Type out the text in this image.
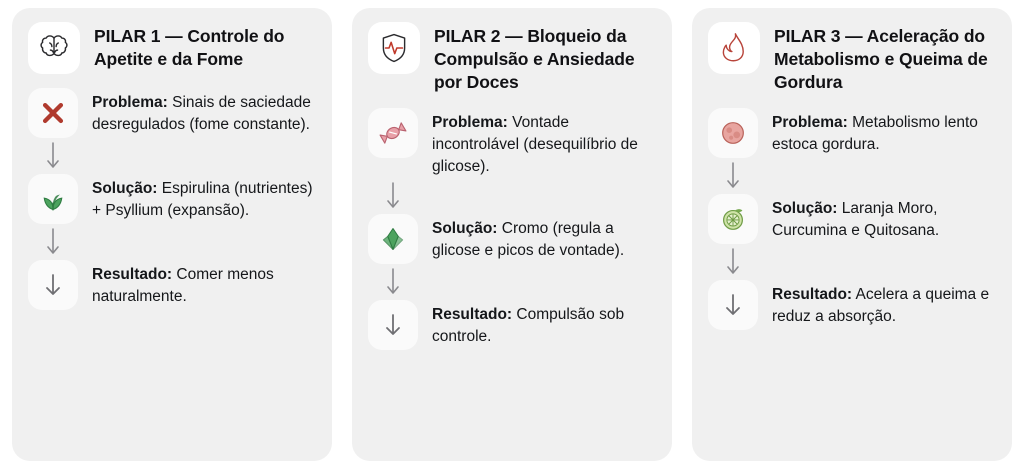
PILAR 1 — Controle do Apetite e da Fome
Problema: Sinais de saciedade desregulados (fome constante).
Solução: Espirulina (nutrientes) + Psyllium (expansão).
Resultado: Comer menos naturalmente.
PILAR 2 — Bloqueio da Compulsão e Ansiedade por Doces
Problema: Vontade incontrolável (desequilíbrio de glicose).
Solução: Cromo (regula a glicose e picos de vontade).
Resultado: Compulsão sob controle.
PILAR 3 — Aceleração do Metabolismo e Queima de Gordura
Problema: Metabolismo lento estoca gordura.
Solução: Laranja Moro, Curcumina e Quitosana.
Resultado: Acelera a queima e reduz a absorção.
